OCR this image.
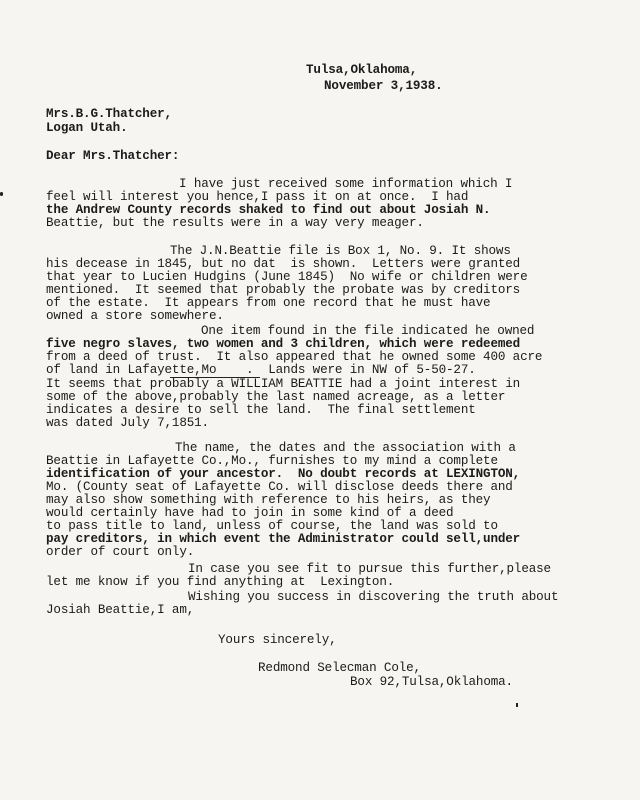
Tulsa,Oklahoma,
November 3,1938.
Mrs.B.G.Thatcher,
Logan Utah.
Dear Mrs.Thatcher:
I have just received some information which I
feel will interest you hence,I pass it on at once.  I had
the Andrew County records shaked to find out about Josiah N.
Beattie, but the results were in a way very meager.
The J.N.Beattie file is Box 1, No. 9. It shows
his decease in 1845, but no dat  is shown.  Letters were granted
that year to Lucien Hudgins (June 1845)  No wife or children were
mentioned.  It seemed that probably the probate was by creditors
of the estate.  It appears from one record that he must have
owned a store somewhere.
One item found in the file indicated he owned
five negro slaves, two women and 3 children, which were redeemed
from a deed of trust.  It also appeared that he owned some 400 acre
of land in Lafayette,Mo    .  Lands were in NW of 5-50-27.
It seems that probably a WILLIAM BEATTIE had a joint interest in
some of the above,probably the last named acreage, as a letter
indicates a desire to sell the land.  The final settlement
was dated July 7,1851.
The name, the dates and the association with a
Beattie in Lafayette Co.,Mo., furnishes to my mind a complete
identification of your ancestor.  No doubt records at LEXINGTON,
Mo. (County seat of Lafayette Co. will disclose deeds there and
may also show something with reference to his heirs, as they
would certainly have had to join in some kind of a deed
to pass title to land, unless of course, the land was sold to
pay creditors, in which event the Administrator could sell,under
order of court only.
In case you see fit to pursue this further,please
let me know if you find anything at  Lexington.
Wishing you success in discovering the truth about
Josiah Beattie,I am,
Yours sincerely,
Redmond Selecman Cole,
Box 92,Tulsa,Oklahoma.
